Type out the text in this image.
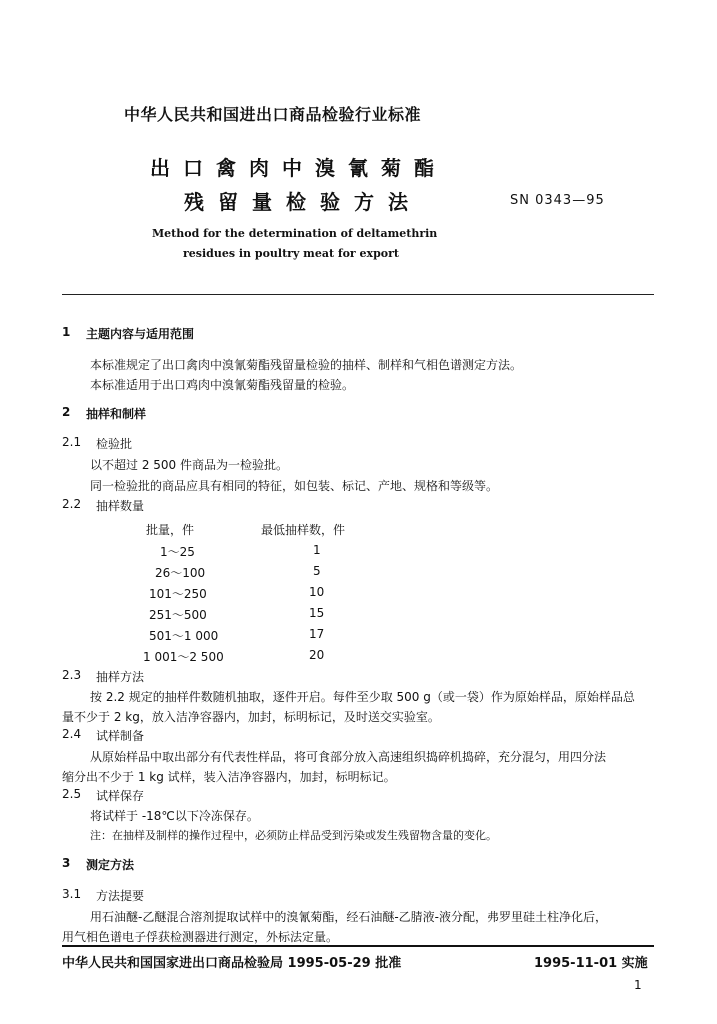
中华人民共和国进出口商品检验行业标准
出口禽肉中溴氰菊酯
残留量检验方法	SN 0343—95
Method for the determination of deltamethrin
residues in poultry meat for export
1 主题内容与适用范围
本标准规定了出口禽肉中溴氰菊酯残留量检验的抽样、制样和气相色谱测定方法。
本标准适用于出口鸡肉中溴氰菊酯残留量的检验。
2 抽样和制样
2.1 检验批
以不超过 2 500 件商品为一检验批。
同一检验批的商品应具有相同的特征，如包装、标记、产地、规格和等级等。
2.2 抽样数量
批量，件	最低抽样数，件
1～25	1
26～100	5
101～250	10
251～500	15
501～1 000	17
1 001～2 500	20
2.3 抽样方法
按 2.2 规定的抽样件数随机抽取，逐件开启。每件至少取 500 g（或一袋）作为原始样品，原始样品总
量不少于 2 kg，放入洁净容器内，加封，标明标记，及时送交实验室。
2.4 试样制备
从原始样品中取出部分有代表性样品，将可食部分放入高速组织捣碎机捣碎，充分混匀，用四分法
缩分出不少于 1 kg 试样，装入洁净容器内，加封，标明标记。
2.5 试样保存
将试样于 -18℃以下冷冻保存。
注：在抽样及制样的操作过程中，必须防止样品受到污染或发生残留物含量的变化。
3 测定方法
3.1 方法提要
用石油醚-乙醚混合溶剂提取试样中的溴氰菊酯，经石油醚-乙腈液-液分配，弗罗里硅土柱净化后，
用气相色谱电子俘获检测器进行测定，外标法定量。
中华人民共和国国家进出口商品检验局 1995-05-29 批准	1995-11-01 实施
1
